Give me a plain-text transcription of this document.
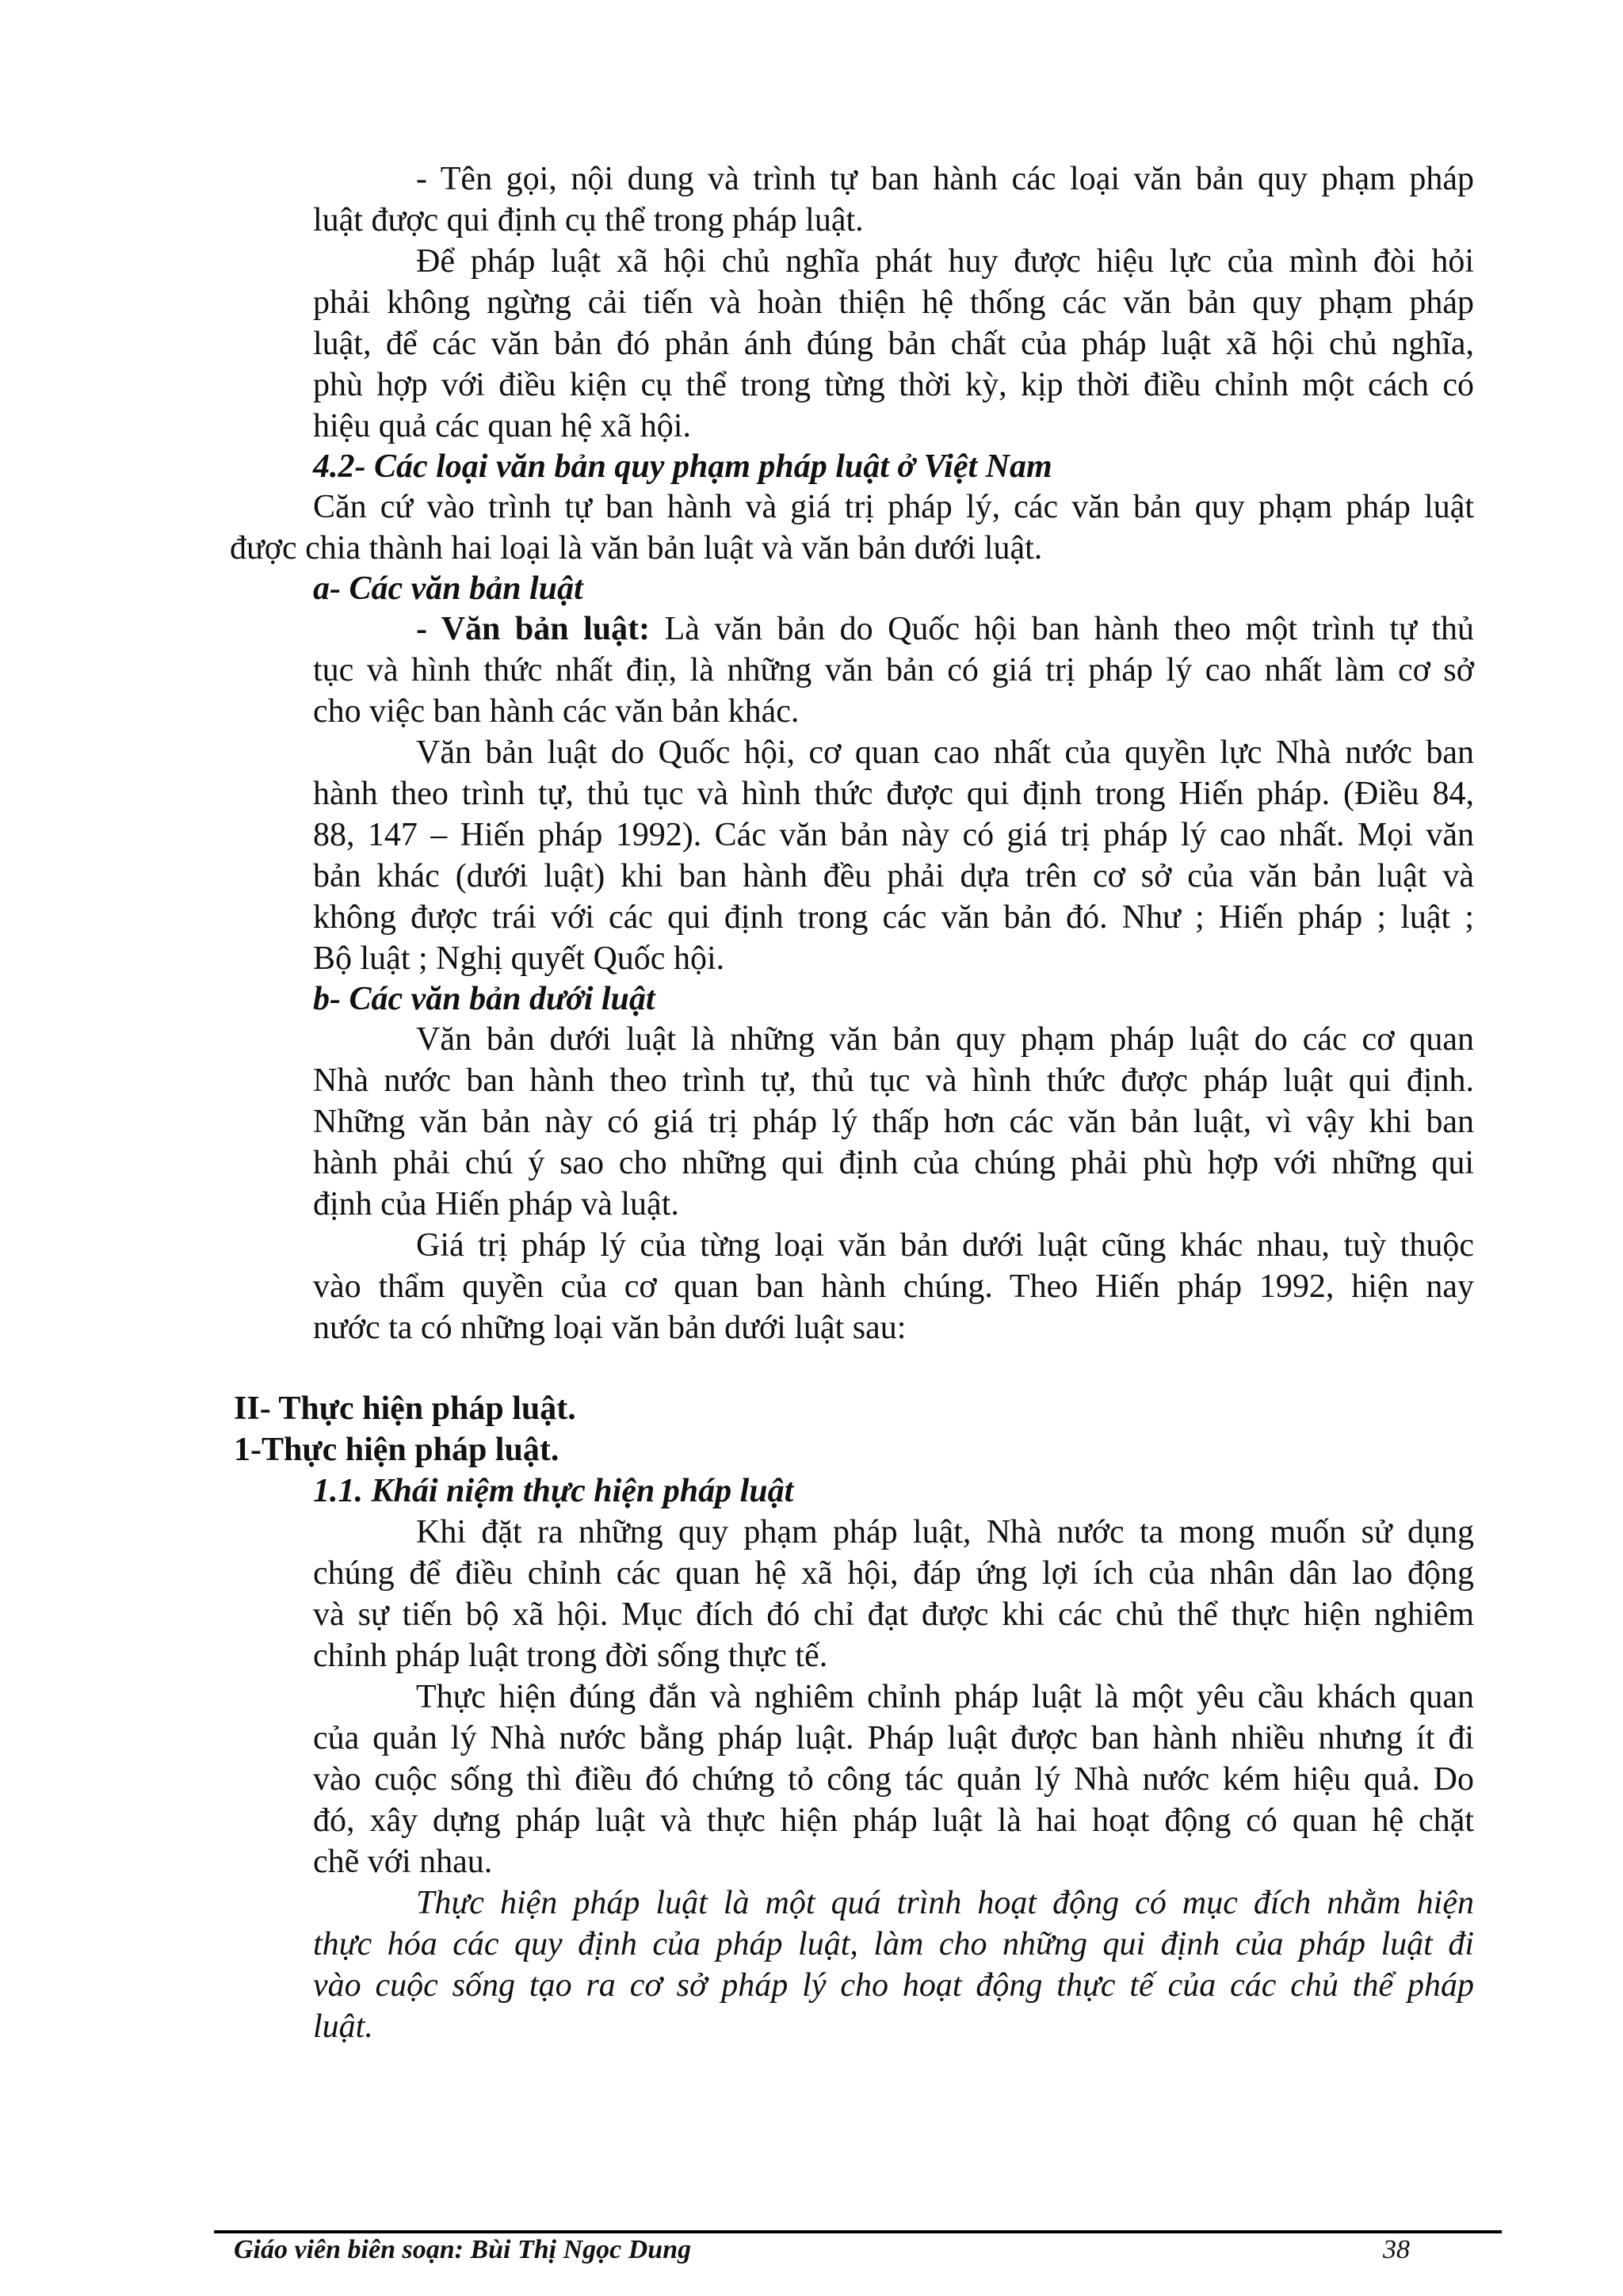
- Tên gọi, nội dung và trình tự ban hành các loại văn bản quy phạm pháp
luật được qui định cụ thể trong pháp luật.
Để pháp luật xã hội chủ nghĩa phát huy được hiệu lực của mình đòi hỏi
phải không ngừng cải tiến và hoàn thiện hệ thống các văn bản quy phạm pháp
luật, để các văn bản đó phản ánh đúng bản chất của pháp luật xã hội chủ nghĩa,
phù hợp với điều kiện cụ thể trong từng thời kỳ, kịp thời điều chỉnh một cách có
hiệu quả các quan hệ xã hội.
4.2- Các loại văn bản quy phạm pháp luật ở Việt Nam
Căn cứ vào trình tự ban hành và giá trị pháp lý, các văn bản quy phạm pháp luật
được chia thành hai loại là văn bản luật và văn bản dưới luật.
a- Các văn bản luật
- Văn bản luật: Là văn bản do Quốc hội ban hành theo một trình tự thủ
tục và hình thức nhất điṇ, là những văn bản có giá trị pháp lý cao nhất làm cơ sở
cho việc ban hành các văn bản khác.
Văn bản luật do Quốc hội, cơ quan cao nhất của quyền lực Nhà nước ban
hành theo trình tự, thủ tục và hình thức được qui định trong Hiến pháp. (Điều 84,
88, 147 – Hiến pháp 1992). Các văn bản này có giá trị pháp lý cao nhất. Mọi văn
bản khác (dưới luật) khi ban hành đều phải dựa trên cơ sở của văn bản luật và
không được trái với các qui định trong các văn bản đó. Như ; Hiến pháp ; luật ;
Bộ luật ; Nghị quyết Quốc hội.
b- Các văn bản dưới luật
Văn bản dưới luật là những văn bản quy phạm pháp luật do các cơ quan
Nhà nước ban hành theo trình tự, thủ tục và hình thức được pháp luật qui định.
Những văn bản này có giá trị pháp lý thấp hơn các văn bản luật, vì vậy khi ban
hành phải chú ý sao cho những qui định của chúng phải phù hợp với những qui
định của Hiến pháp và luật.
Giá trị pháp lý của từng loại văn bản dưới luật cũng khác nhau, tuỳ thuộc
vào thẩm quyền của cơ quan ban hành chúng. Theo Hiến pháp 1992, hiện nay
nước ta có những loại văn bản dưới luật sau:
II- Thực hiện pháp luật.
1-Thực hiện pháp luật.
1.1. Khái niệm thực hiện pháp luật
Khi đặt ra những quy phạm pháp luật, Nhà nước ta mong muốn sử dụng
chúng để điều chỉnh các quan hệ xã hội, đáp ứng lợi ích của nhân dân lao động
và sự tiến bộ xã hội. Mục đích đó chỉ đạt được khi các chủ thể thực hiện nghiêm
chỉnh pháp luật trong đời sống thực tế.
Thực hiện đúng đắn và nghiêm chỉnh pháp luật là một yêu cầu khách quan
của quản lý Nhà nước bằng pháp luật. Pháp luật được ban hành nhiều nhưng ít đi
vào cuộc sống thì điều đó chứng tỏ công tác quản lý Nhà nước kém hiệu quả. Do
đó, xây dựng pháp luật và thực hiện pháp luật là hai hoạt động có quan hệ chặt
chẽ với nhau.
Thực hiện pháp luật là một quá trình hoạt động có mục đích nhằm hiện
thực hóa các quy định của pháp luật, làm cho những qui định của pháp luật đi
vào cuộc sống tạo ra cơ sở pháp lý cho hoạt động thực tế của các chủ thể pháp
luật.
Giáo viên biên soạn: Bùi Thị Ngọc Dung	38
